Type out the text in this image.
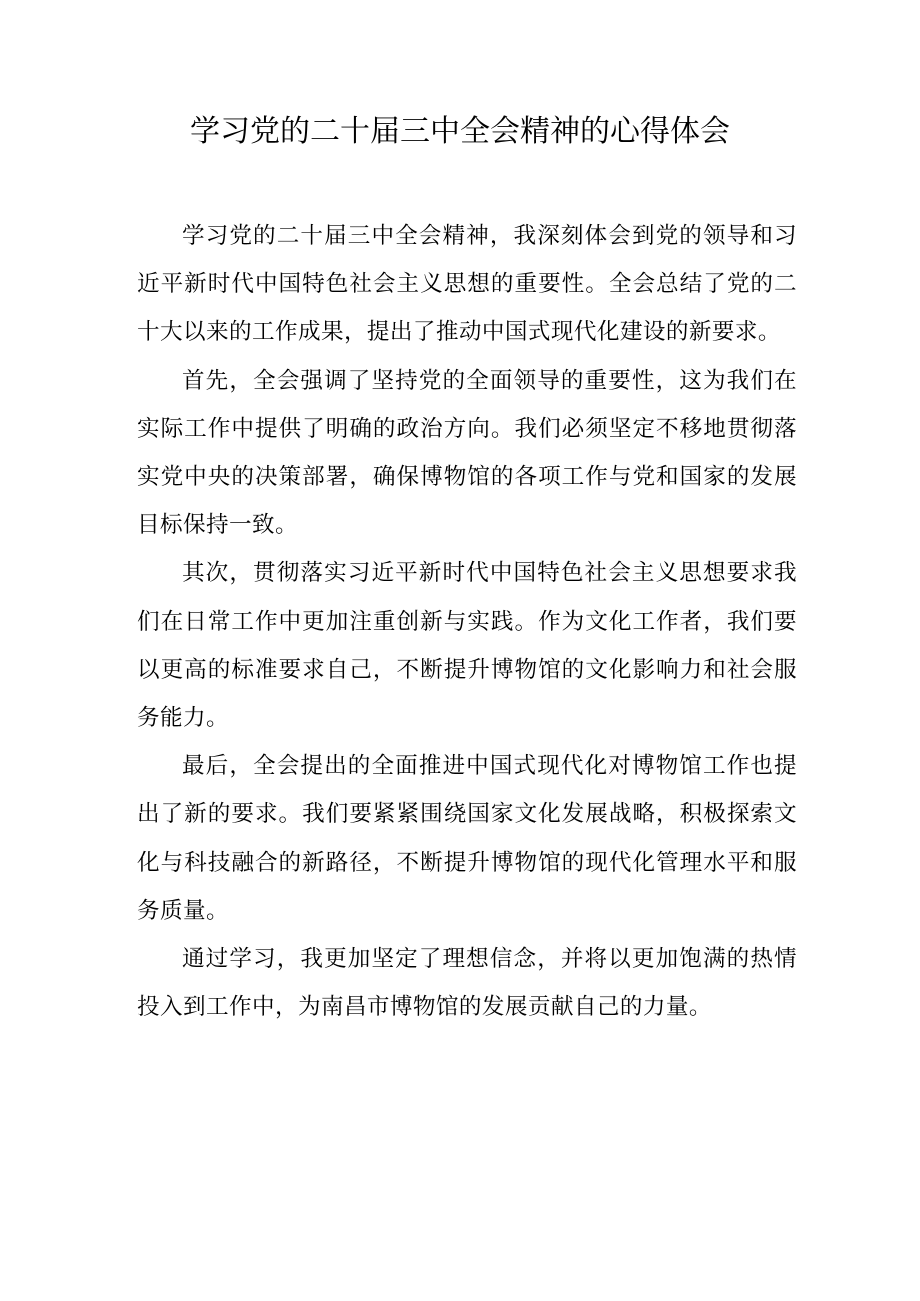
学习党的二十届三中全会精神的心得体会

学习党的二十届三中全会精神，我深刻体会到党的领导和习近平新时代中国特色社会主义思想的重要性。全会总结了党的二十大以来的工作成果，提出了推动中国式现代化建设的新要求。

首先，全会强调了坚持党的全面领导的重要性，这为我们在实际工作中提供了明确的政治方向。我们必须坚定不移地贯彻落实党中央的决策部署，确保博物馆的各项工作与党和国家的发展目标保持一致。

其次，贯彻落实习近平新时代中国特色社会主义思想要求我们在日常工作中更加注重创新与实践。作为文化工作者，我们要以更高的标准要求自己，不断提升博物馆的文化影响力和社会服务能力。

最后，全会提出的全面推进中国式现代化对博物馆工作也提出了新的要求。我们要紧紧围绕国家文化发展战略，积极探索文化与科技融合的新路径，不断提升博物馆的现代化管理水平和服务质量。

通过学习，我更加坚定了理想信念，并将以更加饱满的热情投入到工作中，为南昌市博物馆的发展贡献自己的力量。
